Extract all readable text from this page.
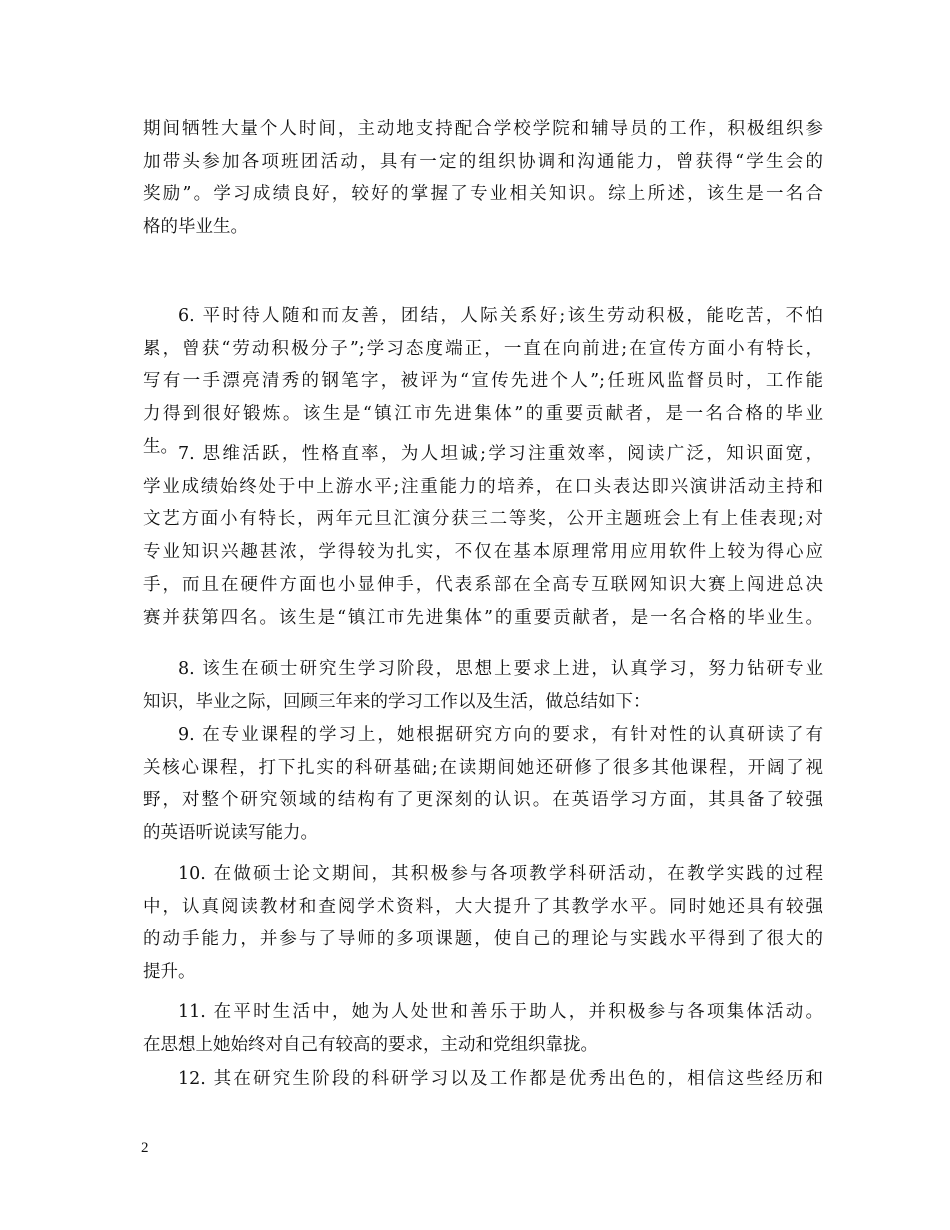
期间牺牲大量个人时间，主动地支持配合学校学院和辅导员的工作，积极组织参
加带头参加各项班团活动，具有一定的组织协调和沟通能力，曾获得“学生会的
奖励”。学习成绩良好，较好的掌握了专业相关知识。综上所述，该生是一名合
格的毕业生。
6. 平时待人随和而友善，团结，人际关系好;该生劳动积极，能吃苦，不怕
累，曾获“劳动积极分子”;学习态度端正，一直在向前进;在宣传方面小有特长，
写有一手漂亮清秀的钢笔字，被评为“宣传先进个人”;任班风监督员时，工作能
力得到很好锻炼。该生是“镇江市先进集体”的重要贡献者，是一名合格的毕业
生。 7. 思维活跃，性格直率，为人坦诚;学习注重效率，阅读广泛，知识面宽，
学业成绩始终处于中上游水平;注重能力的培养，在口头表达即兴演讲活动主持和
文艺方面小有特长，两年元旦汇演分获三二等奖，公开主题班会上有上佳表现;对
专业知识兴趣甚浓，学得较为扎实，不仅在基本原理常用应用软件上较为得心应
手，而且在硬件方面也小显伸手，代表系部在全高专互联网知识大赛上闯进总决
赛并获第四名。该生是“镇江市先进集体”的重要贡献者，是一名合格的毕业生。
8. 该生在硕士研究生学习阶段，思想上要求上进，认真学习，努力钻研专业
知识，毕业之际，回顾三年来的学习工作以及生活，做总结如下：
9. 在专业课程的学习上，她根据研究方向的要求，有针对性的认真研读了有
关核心课程，打下扎实的科研基础;在读期间她还研修了很多其他课程，开阔了视
野，对整个研究领域的结构有了更深刻的认识。在英语学习方面，其具备了较强
的英语听说读写能力。
10. 在做硕士论文期间，其积极参与各项教学科研活动，在教学实践的过程
中，认真阅读教材和查阅学术资料，大大提升了其教学水平。同时她还具有较强
的动手能力，并参与了导师的多项课题，使自己的理论与实践水平得到了很大的
提升。
11. 在平时生活中，她为人处世和善乐于助人，并积极参与各项集体活动。
在思想上她始终对自己有较高的要求，主动和党组织靠拢。
12. 其在研究生阶段的科研学习以及工作都是优秀出色的，相信这些经历和
2
